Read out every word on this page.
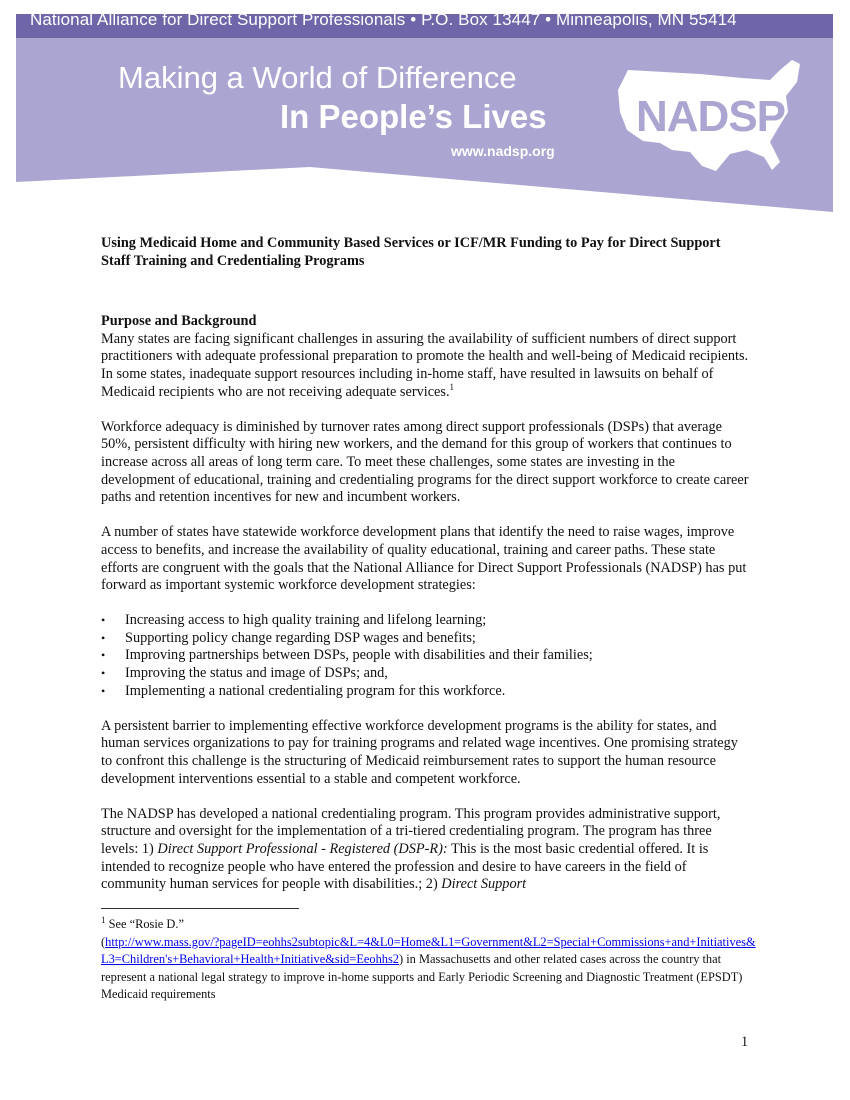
National Alliance for Direct Support Professionals • P.O. Box 13447 • Minneapolis, MN 55414
Making a World of Difference
In People’s Lives
www.nadsp.org
NADSP
Using Medicaid Home and Community Based Services or ICF/MR Funding to Pay for Direct Support Staff Training and Credentialing Programs
Purpose and Background

Many states are facing significant challenges in assuring the availability of sufficient numbers of direct support practitioners with adequate professional preparation to promote the health and well-being of Medicaid recipients. In some states, inadequate support resources including in-home staff, have resulted in lawsuits on behalf of Medicaid recipients who are not receiving adequate services.$^1$

Workforce adequacy is diminished by turnover rates among direct support professionals (DSPs) that average 50%, persistent difficulty with hiring new workers, and the demand for this group of workers that continues to increase across all areas of long term care. To meet these challenges, some states are investing in the development of educational, training and credentialing programs for the direct support workforce to create career paths and retention incentives for new and incumbent workers.

A number of states have statewide workforce development plans that identify the need to raise wages, improve access to benefits, and increase the availability of quality educational, training and career paths. These state efforts are congruent with the goals that the National Alliance for Direct Support Professionals (NADSP) has put forward as important systemic workforce development strategies:

• Increasing access to high quality training and lifelong learning;
• Supporting policy change regarding DSP wages and benefits;
• Improving partnerships between DSPs, people with disabilities and their families;
• Improving the status and image of DSPs; and,
• Implementing a national credentialing program for this workforce.

A persistent barrier to implementing effective workforce development programs is the ability for states, and human services organizations to pay for training programs and related wage incentives. One promising strategy to confront this challenge is the structuring of Medicaid reimbursement rates to support the human resource development interventions essential to a stable and competent workforce.

The NADSP has developed a national credentialing program. This program provides administrative support, structure and oversight for the implementation of a tri-tiered credentialing program. The program has three levels: 1) Direct Support Professional - Registered (DSP-R): This is the most basic credential offered. It is intended to recognize people who have entered the profession and desire to have careers in the field of community human services for people with disabilities.; 2) Direct Support

$^1$ See “Rosie D.”
(http://www.mass.gov/?pageID=eohhs2subtopic&L=4&L0=Home&L1=Government&L2=Special+Commissions+and+Initiatives&L3=Children's+Behavioral+Health+Initiative&sid=Eeohhs2) in Massachusetts and other related cases across the country that represent a national legal strategy to improve in-home supports and Early Periodic Screening and Diagnostic Treatment (EPSDT) Medicaid requirements
1
